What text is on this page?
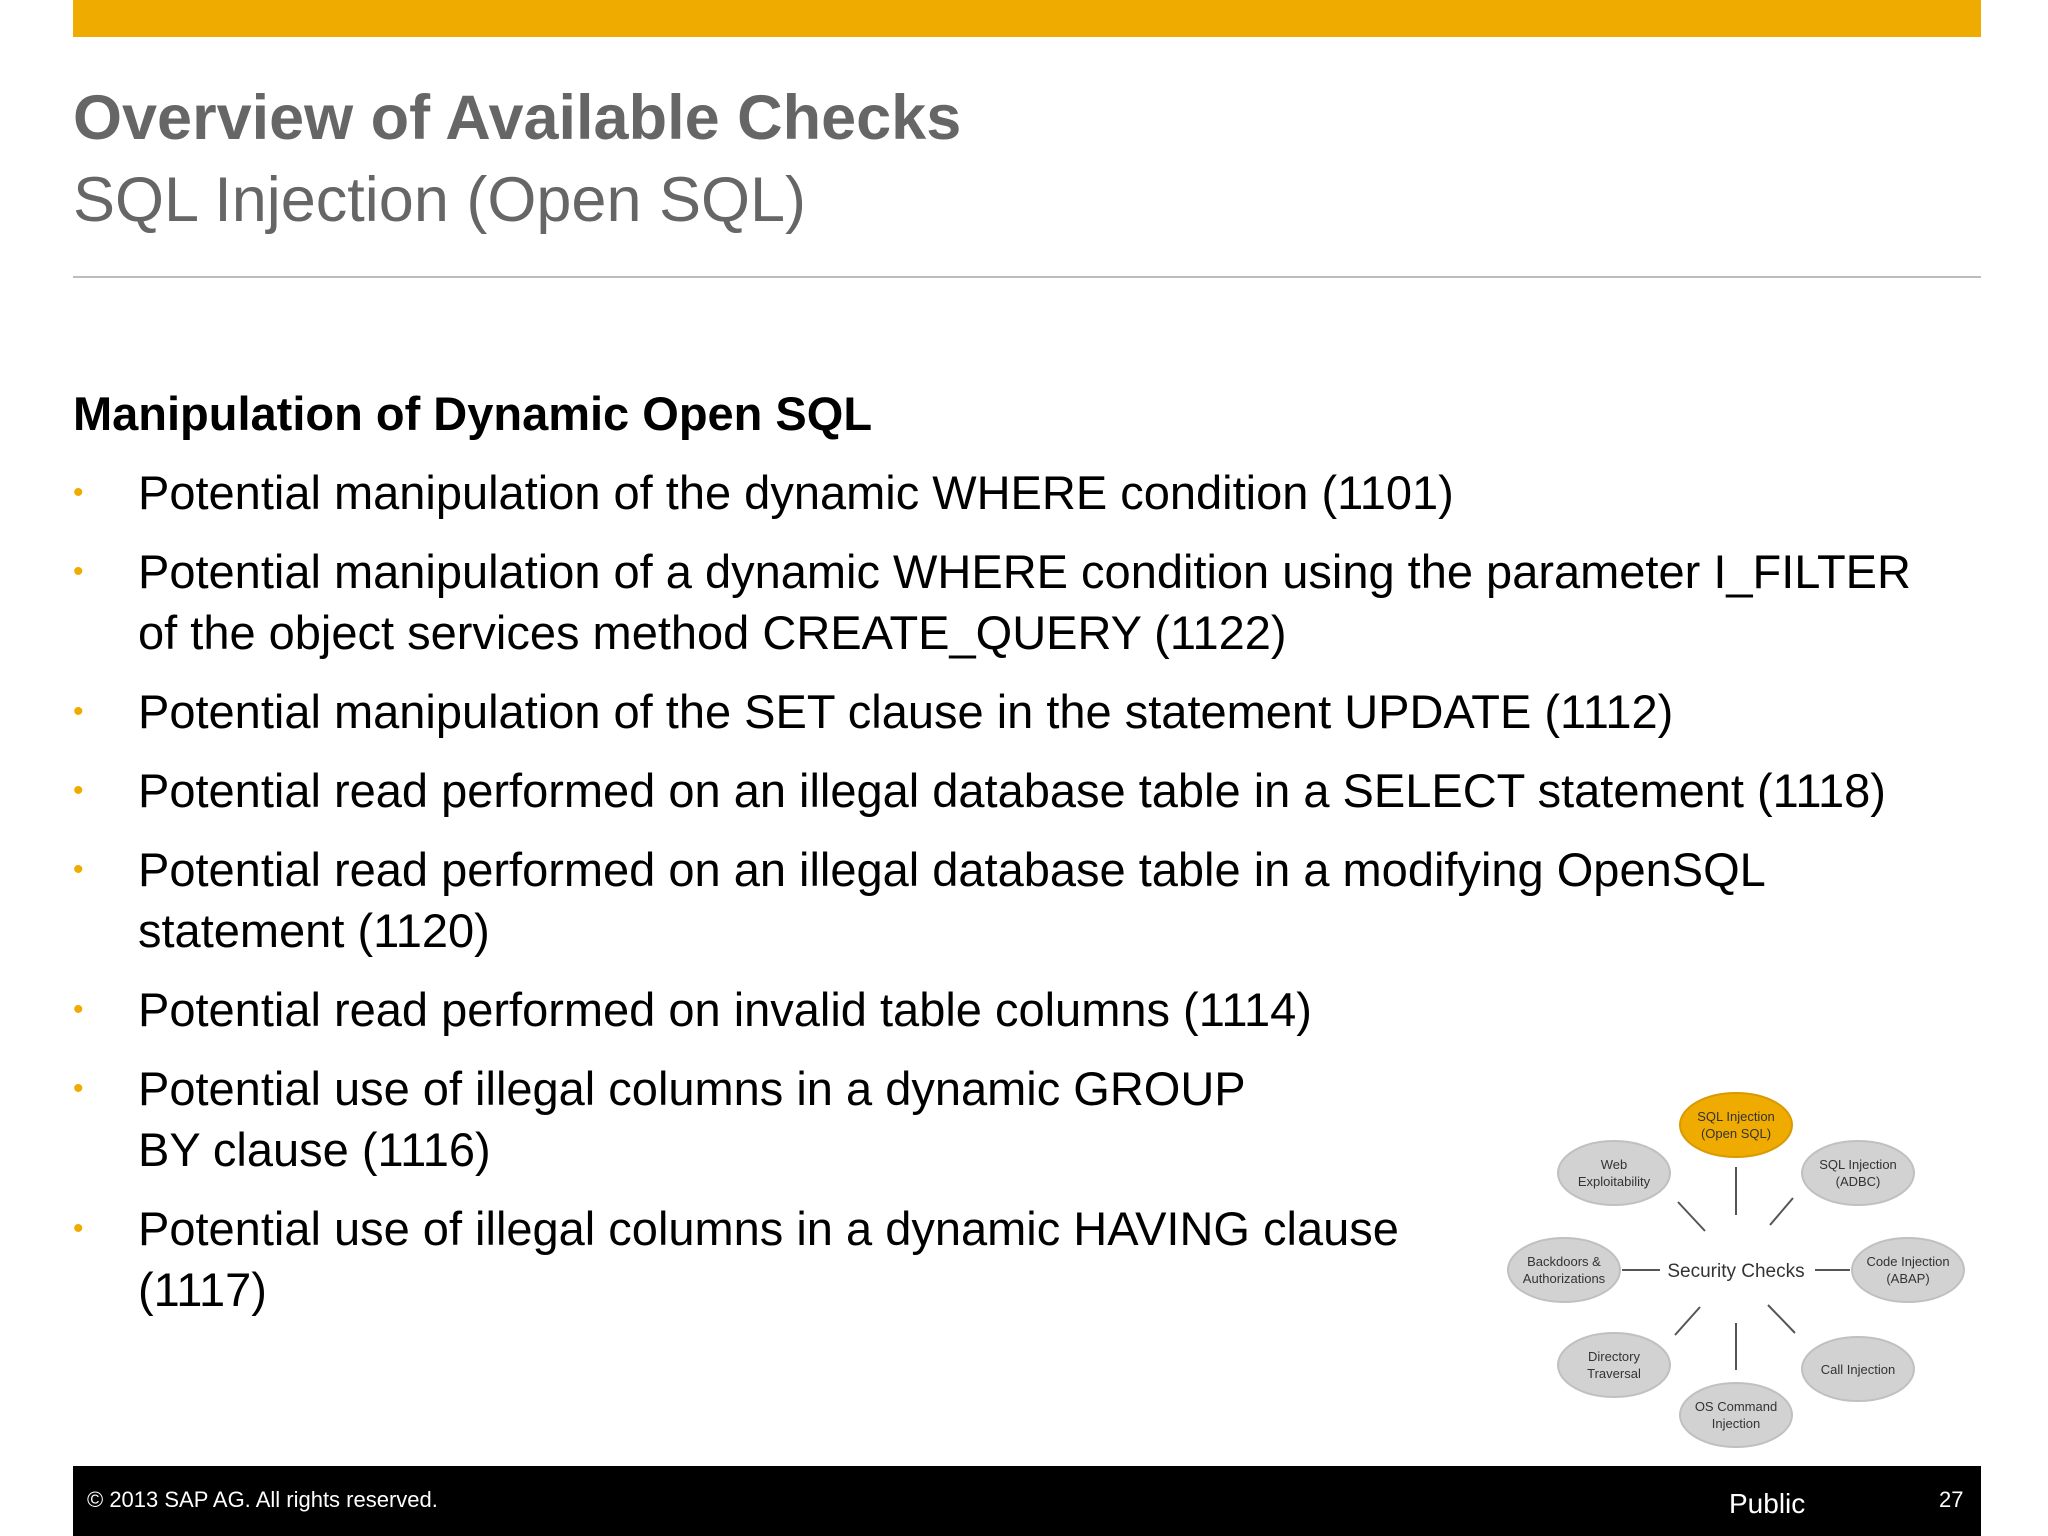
Overview of Available Checks
SQL Injection (Open SQL)
Manipulation of Dynamic Open SQL
• Potential manipulation of the dynamic WHERE condition (1101)
• Potential manipulation of a dynamic WHERE condition using the parameter I_FILTER of the object services method CREATE_QUERY (1122)
• Potential manipulation of the SET clause in the statement UPDATE (1112)
• Potential read performed on an illegal database table in a SELECT statement (1118)
• Potential read performed on an illegal database table in a modifying OpenSQL statement (1120)
• Potential read performed on invalid table columns (1114)
• Potential use of illegal columns in a dynamic GROUP BY clause (1116)
• Potential use of illegal columns in a dynamic HAVING clause (1117)	Security Checks
SQL Injection
(Open SQL)
SQL Injection
(ADBC)
Code Injection
(ABAP)
Call Injection
OS Command
Injection
Directory
Traversal
Backdoors &
Authorizations
Web
Exploitability
© 2013 SAP AG. All rights reserved.	Public	27
